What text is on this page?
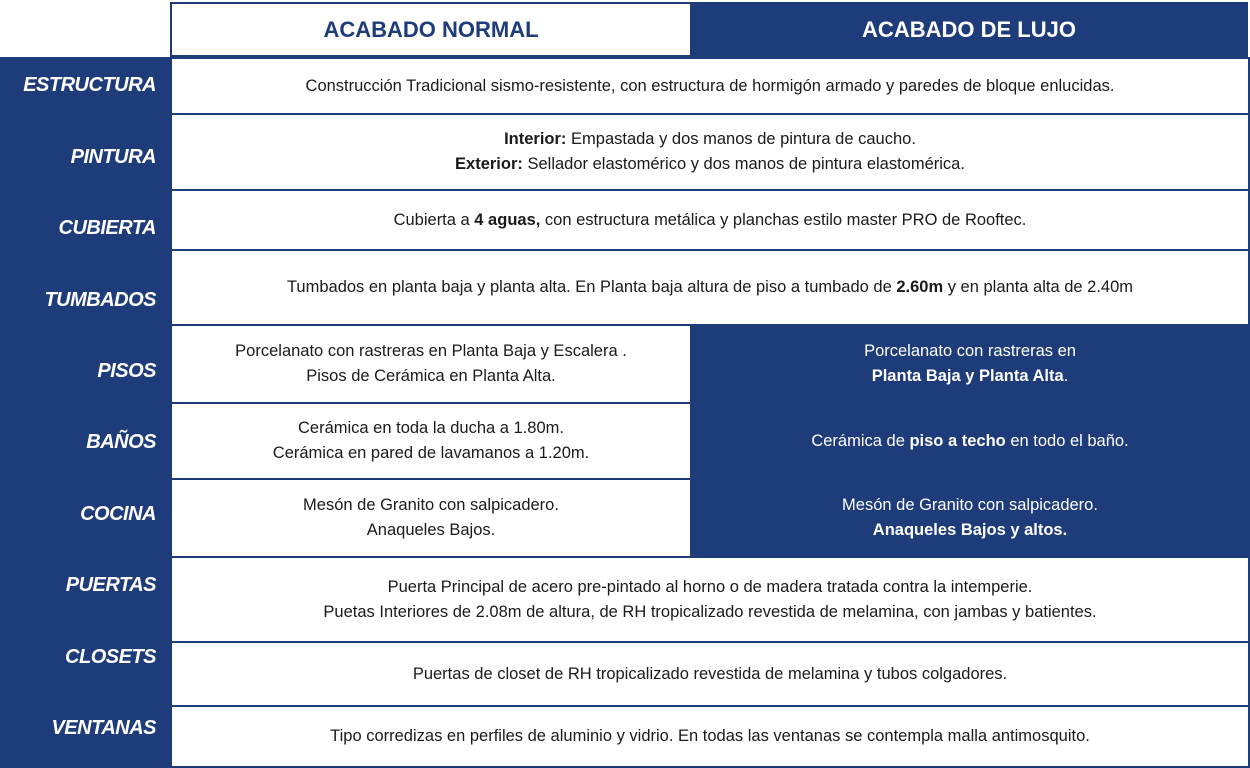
ACABADO NORMAL	ACABADO DE LUJO
ESTRUCTURA
PINTURA
CUBIERTA
TUMBADOS
PISOS
BAÑOS
COCINA
PUERTAS
CLOSETS
VENTANAS
Construcción Tradicional sismo-resistente, con estructura de hormigón armado y paredes de bloque enlucidas.
Interior: Empastada y dos manos de pintura de caucho.
Exterior: Sellador elastomérico y dos manos de pintura elastomérica.
Cubierta a 4 aguas, con estructura metálica y planchas estilo master PRO de Rooftec.
Tumbados en planta baja y planta alta. En Planta baja altura de piso a tumbado de 2.60m y en planta alta de 2.40m
Porcelanato con rastreras en Planta Baja y Escalera .
Pisos de Cerámica en Planta Alta.
Porcelanato con rastreras en
Planta Baja y Planta Alta.
Cerámica en toda la ducha a 1.80m.
Cerámica en pared de lavamanos a 1.20m.
Cerámica de piso a techo en todo el baño.
Mesón de Granito con salpicadero.
Anaqueles Bajos.
Mesón de Granito con salpicadero.
Anaqueles Bajos y altos.
Puerta Principal de acero pre-pintado al horno o de madera tratada contra la intemperie.
Puetas Interiores de 2.08m de altura, de RH tropicalizado revestida de melamina, con jambas y batientes.
Puertas de closet de RH tropicalizado revestida de melamina y tubos colgadores.
Tipo corredizas en perfiles de aluminio y vidrio. En todas las ventanas se contempla malla antimosquito.
